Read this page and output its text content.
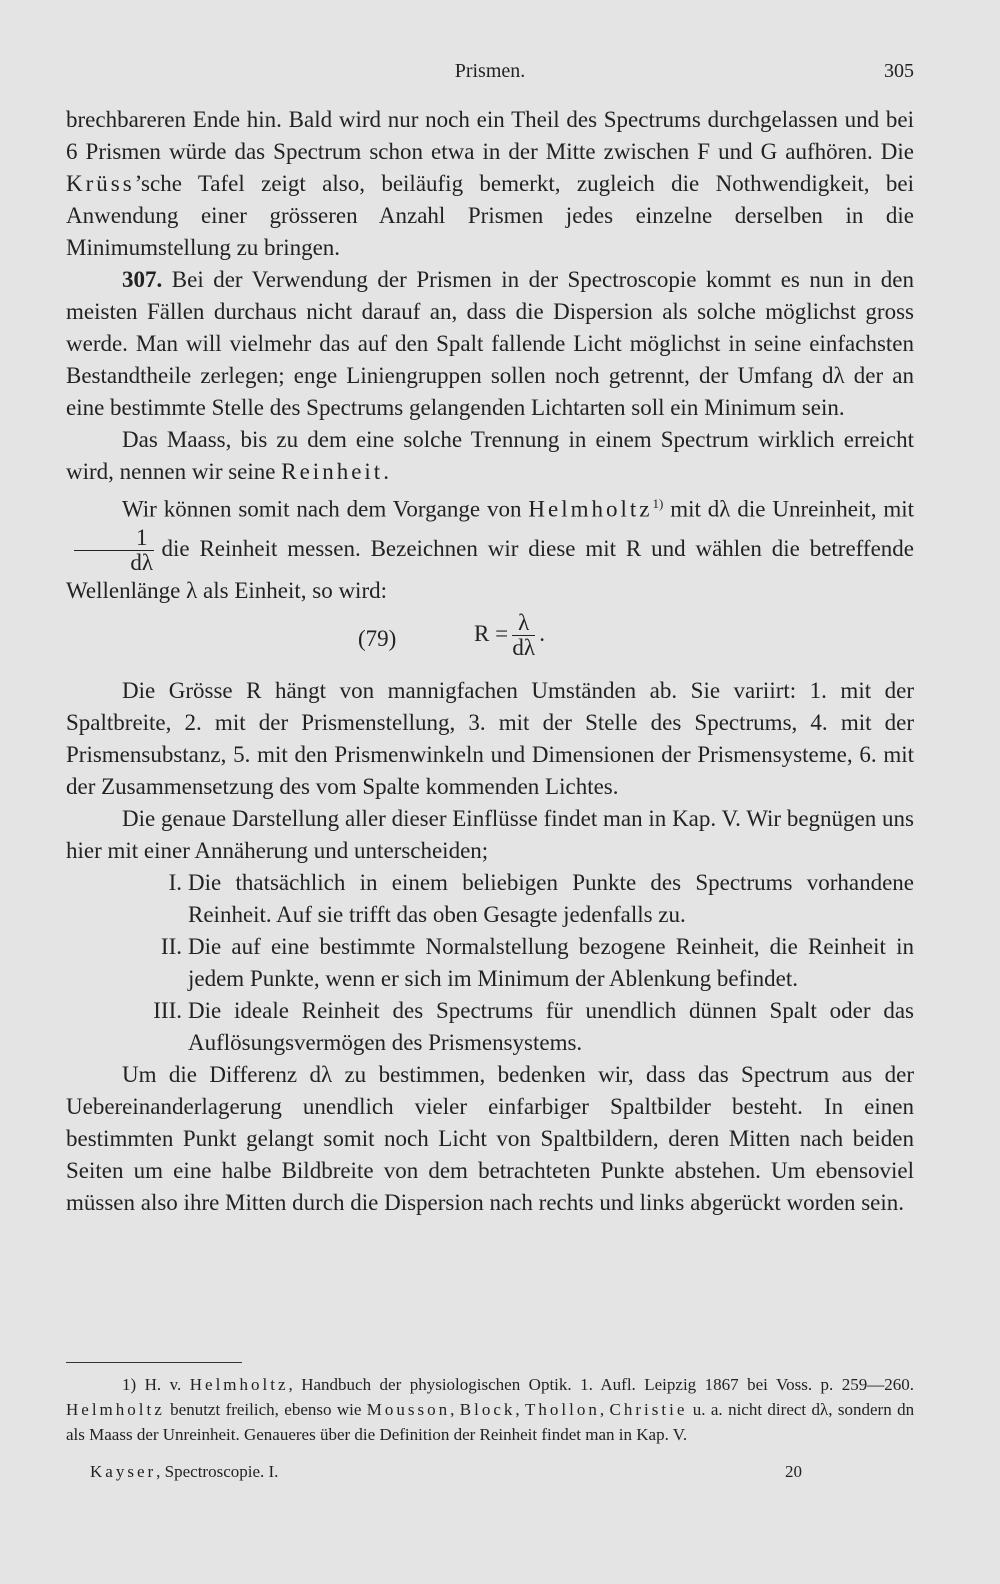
Prismen.	305

brechbareren Ende hin. Bald wird nur noch ein Theil des Spectrums durchgelassen und bei 6 Prismen würde das Spectrum schon etwa in der Mitte zwischen F und G aufhören. Die Krüss’sche Tafel zeigt also, beiläufig bemerkt, zugleich die Nothwendigkeit, bei Anwendung einer grösseren Anzahl Prismen jedes einzelne derselben in die Minimumstellung zu bringen.

307. Bei der Verwendung der Prismen in der Spectroscopie kommt es nun in den meisten Fällen durchaus nicht darauf an, dass die Dispersion als solche möglichst gross werde. Man will vielmehr das auf den Spalt fallende Licht möglichst in seine einfachsten Bestandtheile zerlegen; enge Liniengruppen sollen noch getrennt, der Umfang dλ der an eine bestimmte Stelle des Spectrums gelangenden Lichtarten soll ein Minimum sein.

Das Maass, bis zu dem eine solche Trennung in einem Spectrum wirklich erreicht wird, nennen wir seine Reinheit.

Wir können somit nach dem Vorgange von Helmholtz$^{1)}$ mit dλ die Unreinheit, mit
$\frac{1}{d\lambda}$ die Reinheit messen. Bezeichnen wir diese mit R und wählen die betreffende Wellenlänge λ als Einheit, so wird:

(79)	$R = \frac{\lambda}{d\lambda}$ .

Die Grösse R hängt von mannigfachen Umständen ab. Sie variirt: 1. mit der Spaltbreite, 2. mit der Prismenstellung, 3. mit der Stelle des Spectrums, 4. mit der Prismensubstanz, 5. mit den Prismenwinkeln und Dimensionen der Prismensysteme, 6. mit der Zusammensetzung des vom Spalte kommenden Lichtes.

Die genaue Darstellung aller dieser Einflüsse findet man in Kap. V. Wir begnügen uns hier mit einer Annäherung und unterscheiden;

I. Die thatsächlich in einem beliebigen Punkte des Spectrums vorhandene Reinheit. Auf sie trifft das oben Gesagte jedenfalls zu.
II. Die auf eine bestimmte Normalstellung bezogene Reinheit, die Reinheit in jedem Punkte, wenn er sich im Minimum der Ablenkung befindet.
III. Die ideale Reinheit des Spectrums für unendlich dünnen Spalt oder das Auflösungsvermögen des Prismensystems.

Um die Differenz dλ zu bestimmen, bedenken wir, dass das Spectrum aus der Uebereinanderlagerung unendlich vieler einfarbiger Spaltbilder besteht. In einen bestimmten Punkt gelangt somit noch Licht von Spaltbildern, deren Mitten nach beiden Seiten um eine halbe Bildbreite von dem betrachteten Punkte abstehen. Um ebensoviel müssen also ihre Mitten durch die Dispersion nach rechts und links abgerückt worden sein.

1) H. v. Helmholtz, Handbuch der physiologischen Optik. 1. Aufl. Leipzig 1867 bei Voss. p. 259—260. Helmholtz benutzt freilich, ebenso wie Mousson, Block, Thollon, Christie u. a. nicht direct dλ, sondern dn als Maass der Unreinheit. Genaueres über die Definition der Reinheit findet man in Kap. V.

Kayser, Spectroscopie. I.	20
